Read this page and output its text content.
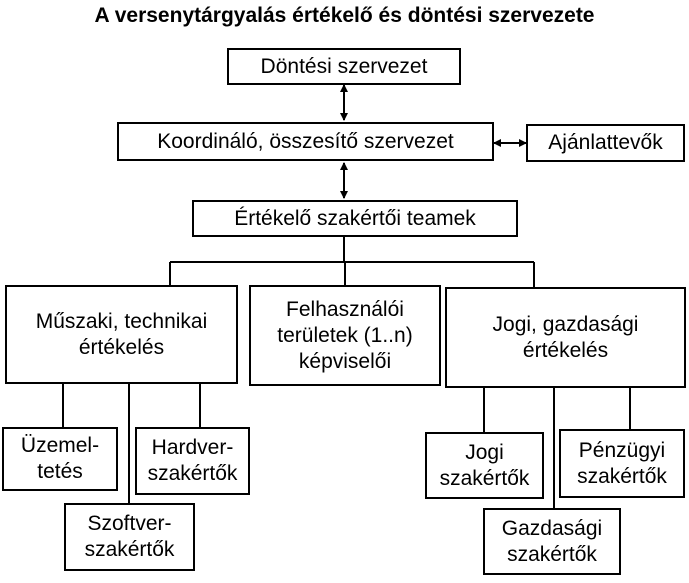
A versenytárgyalás értékelő és döntési szervezete
Döntési szervezet
Koordináló, összesítő szervezet	Ajánlattevők
Értékelő szakértői teamek
Műszaki, technikai
értékelés
Felhasználói
területek (1..n)
képviselői
Jogi, gazdasági
értékelés
Üzemel-
tetés
Hardver-
szakértők
Szoftver-
szakértők
Jogi
szakértők
Pénzügyi
szakértők
Gazdasági
szakértők
